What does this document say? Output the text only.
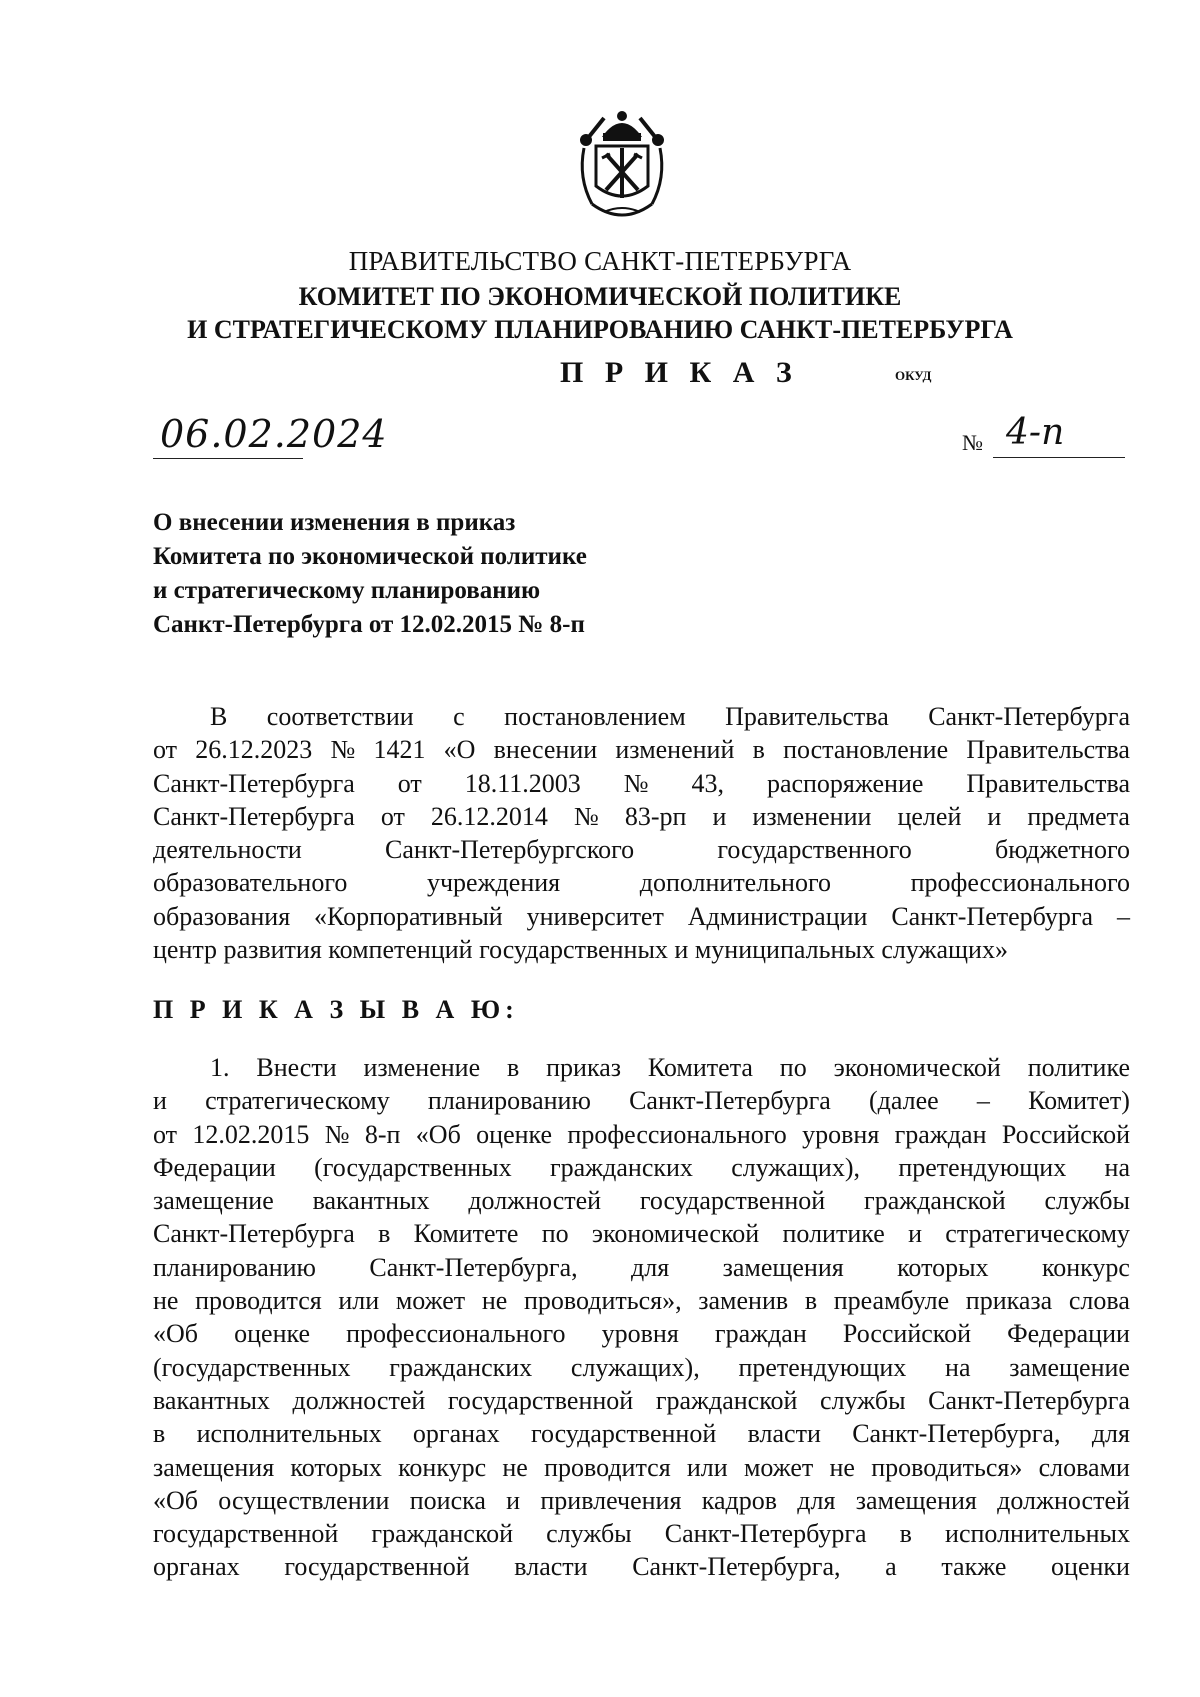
ПРАВИТЕЛЬСТВО САНКТ-ПЕТЕРБУРГА
КОМИТЕТ ПО ЭКОНОМИЧЕСКОЙ ПОЛИТИКЕ
И СТРАТЕГИЧЕСКОМУ ПЛАНИРОВАНИЮ САНКТ-ПЕТЕРБУРГА
П Р И К А З	ОКУД
06.02.2024	№ 4-п
О внесении изменения в приказ
Комитета по экономической политике
и стратегическому планированию
Санкт-Петербурга от 12.02.2015 № 8-п
В соответствии с постановлением Правительства Санкт-Петербурга
от 26.12.2023 № 1421 «О внесении изменений в постановление Правительства
Санкт-Петербурга от 18.11.2003 № 43, распоряжение Правительства
Санкт-Петербурга от 26.12.2014 № 83-рп и изменении целей и предмета
деятельности	Санкт-Петербургского	государственного	бюджетного
образовательного	учреждения	дополнительного	профессионального
образования «Корпоративный университет Администрации Санкт-Петербурга –
центр развития компетенций государственных и муниципальных служащих»
П Р И К А З Ы В А Ю:
1. Внести изменение в приказ Комитета по экономической политике
и стратегическому планированию Санкт-Петербурга (далее – Комитет)
от 12.02.2015 № 8-п «Об оценке профессионального уровня граждан Российской
Федерации (государственных гражданских служащих), претендующих на
замещение вакантных должностей государственной гражданской службы
Санкт-Петербурга в Комитете по экономической политике и стратегическому
планированию Санкт-Петербурга, для замещения которых конкурс
не проводится или может не проводиться», заменив в преамбуле приказа слова
«Об оценке профессионального уровня граждан Российской Федерации
(государственных гражданских служащих), претендующих на замещение
вакантных должностей государственной гражданской службы Санкт-Петербурга
в исполнительных органах государственной власти Санкт-Петербурга, для
замещения которых конкурс не проводится или может не проводиться» словами
«Об осуществлении поиска и привлечения кадров для замещения должностей
государственной гражданской службы Санкт-Петербурга в исполнительных
органах государственной власти Санкт-Петербурга, а также оценки
